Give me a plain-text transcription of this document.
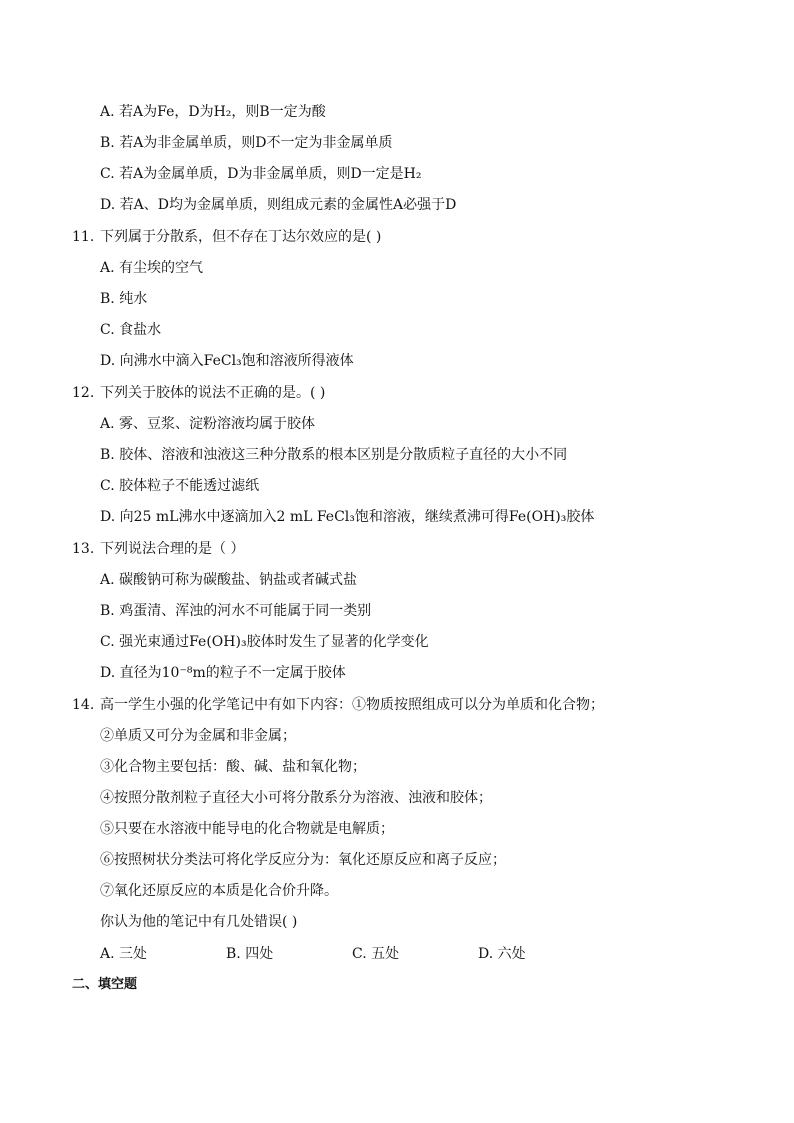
A. 若A为Fe，D为H₂，则B一定为酸
B. 若A为非金属单质，则D不一定为非金属单质
C. 若A为金属单质，D为非金属单质，则D一定是H₂
D. 若A、D均为金属单质，则组成元素的金属性A必强于D
11. 下列属于分散系，但不存在丁达尔效应的是( )
A. 有尘埃的空气
B. 纯水
C. 食盐水
D. 向沸水中滴入FeCl₃饱和溶液所得液体
12. 下列关于胶体的说法不正确的是。( )
A. 雾、豆浆、淀粉溶液均属于胶体
B. 胶体、溶液和浊液这三种分散系的根本区别是分散质粒子直径的大小不同
C. 胶体粒子不能透过滤纸
D. 向25 mL沸水中逐滴加入2 mL FeCl₃饱和溶液，继续煮沸可得Fe(OH)₃胶体
13. 下列说法合理的是（ ）
A. 碳酸钠可称为碳酸盐、钠盐或者碱式盐
B. 鸡蛋清、浑浊的河水不可能属于同一类别
C. 强光束通过Fe(OH)₃胶体时发生了显著的化学变化
D. 直径为10⁻⁸m的粒子不一定属于胶体
14. 高一学生小强的化学笔记中有如下内容：①物质按照组成可以分为单质和化合物；
②单质又可分为金属和非金属；
③化合物主要包括：酸、碱、盐和氧化物；
④按照分散剂粒子直径大小可将分散系分为溶液、浊液和胶体；
⑤只要在水溶液中能导电的化合物就是电解质；
⑥按照树状分类法可将化学反应分为：氧化还原反应和离子反应；
⑦氧化还原反应的本质是化合价升降。
你认为他的笔记中有几处错误( )
A. 三处	B. 四处	C. 五处	D. 六处
二、填空题
